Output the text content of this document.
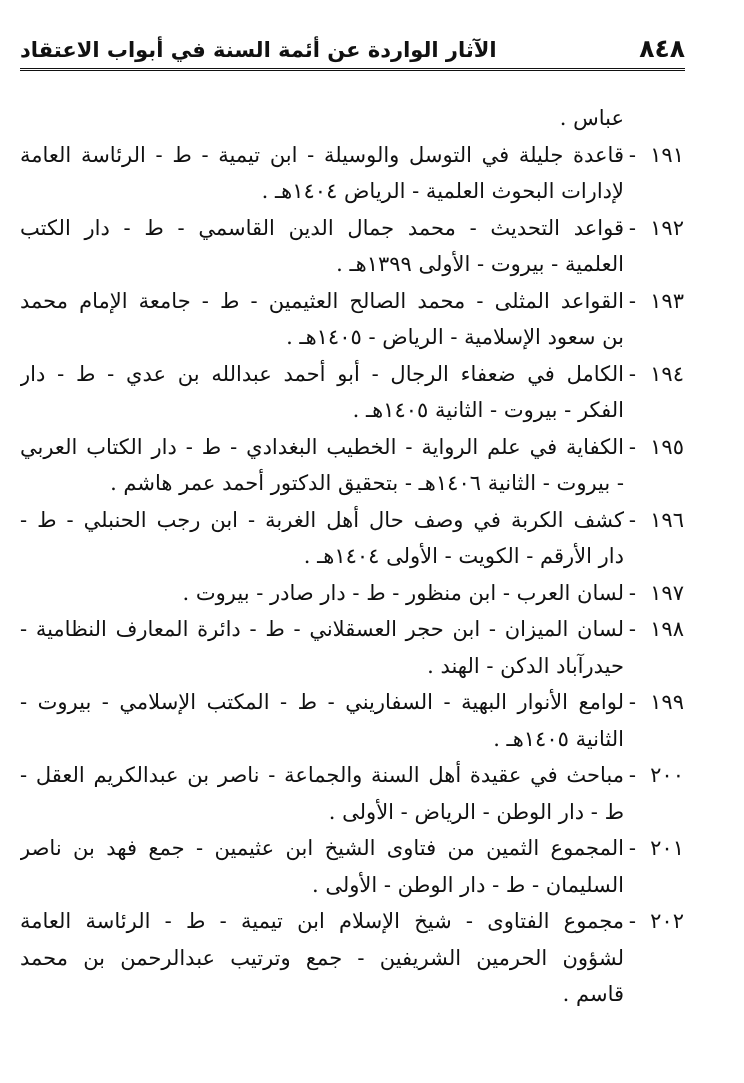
٨٤٨
الآثار الواردة عن أئمة السنة في أبواب الاعتقاد
عباس .
١٩١
-
قاعدة جليلة في التوسل والوسيلة - ابن تيمية - ط - الرئاسة العامة
لإدارات البحوث العلمية - الرياض ١٤٠٤هـ .
١٩٢
-
قواعد التحديث - محمد جمال الدين القاسمي - ط - دار الكتب
العلمية - بيروت - الأولى ١٣٩٩هـ .
١٩٣
-
القواعد المثلى - محمد الصالح العثيمين - ط - جامعة الإمام محمد
بن سعود الإسلامية - الرياض - ١٤٠٥هـ .
١٩٤
-
الكامل في ضعفاء الرجال - أبو أحمد عبدالله بن عدي - ط - دار
الفكر - بيروت - الثانية ١٤٠٥هـ .
١٩٥
-
الكفاية في علم الرواية - الخطيب البغدادي - ط - دار الكتاب العربي
- بيروت - الثانية ١٤٠٦هـ - بتحقيق الدكتور أحمد عمر هاشم .
١٩٦
-
كشف الكربة في وصف حال أهل الغربة - ابن رجب الحنبلي - ط -
دار الأرقم - الكويت - الأولى ١٤٠٤هـ .
١٩٧
-
لسان العرب - ابن منظور - ط - دار صادر - بيروت .
١٩٨
-
لسان الميزان - ابن حجر العسقلاني - ط - دائرة المعارف النظامية -
حيدرآباد الدكن - الهند .
١٩٩
-
لوامع الأنوار البهية - السفاريني - ط - المكتب الإسلامي - بيروت -
الثانية ١٤٠٥هـ .
٢٠٠
-
مباحث في عقيدة أهل السنة والجماعة - ناصر بن عبدالكريم العقل -
ط - دار الوطن - الرياض - الأولى .
٢٠١
-
المجموع الثمين من فتاوى الشيخ ابن عثيمين - جمع فهد بن ناصر
السليمان - ط - دار الوطن - الأولى .
٢٠٢
-
مجموع الفتاوى - شيخ الإسلام ابن تيمية - ط - الرئاسة العامة
لشؤون الحرمين الشريفين - جمع وترتيب عبدالرحمن بن محمد
قاسم .
